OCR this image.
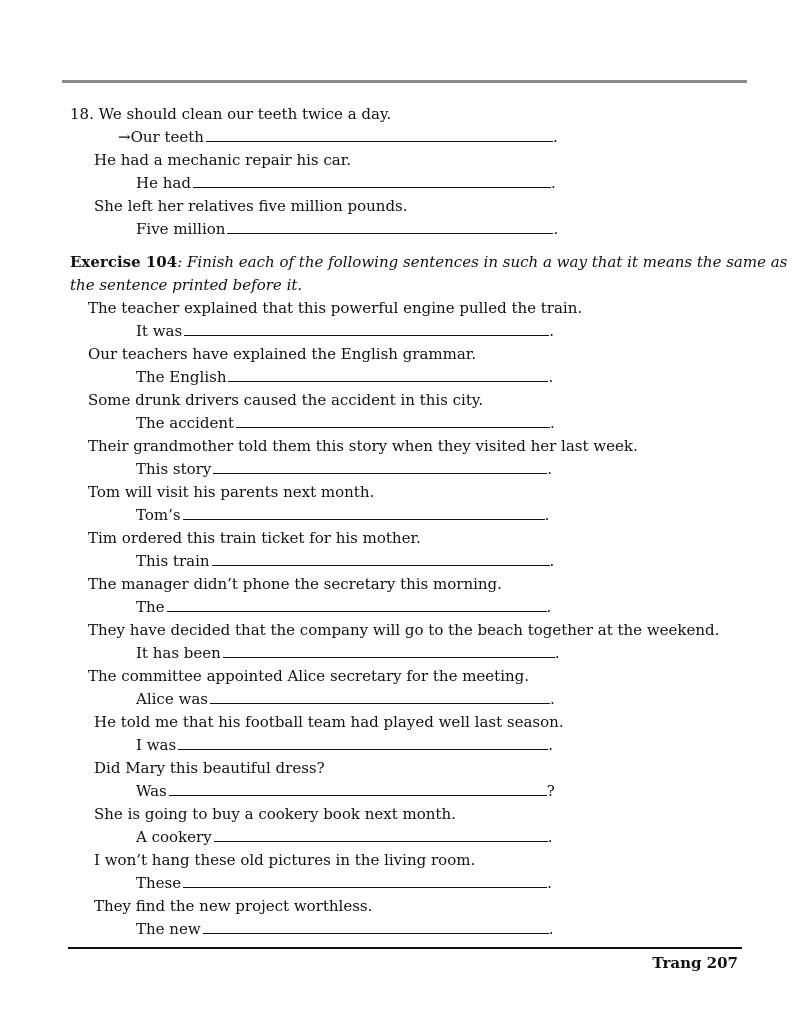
18. We should clean our teeth twice a day.
→Our teeth	.
He had a mechanic repair his car.
He had	.
She left her relatives five million pounds.
Five million	.
Exercise 104: Finish each of the following sentences in such a way that it means the same as
the sentence printed before it.
The teacher explained that this powerful engine pulled the train.
It was	.
Our teachers have explained the English grammar.
The English	.
Some drunk drivers caused the accident in this city.
The accident	.
Their grandmother told them this story when they visited her last week.
This story	.
Tom will visit his parents next month.
Tom’s	.
Tim ordered this train ticket for his mother.
This train	.
The manager didn’t phone the secretary this morning.
The	.
They have decided that the company will go to the beach together at the weekend.
It has been	.
The committee appointed Alice secretary for the meeting.
Alice was	.
He told me that his football team had played well last season.
I was	.
Did Mary this beautiful dress?
Was	?
She is going to buy a cookery book next month.
A cookery	.
I won’t hang these old pictures in the living room.
These	.
They find the new project worthless.
The new	.
Trang 207
